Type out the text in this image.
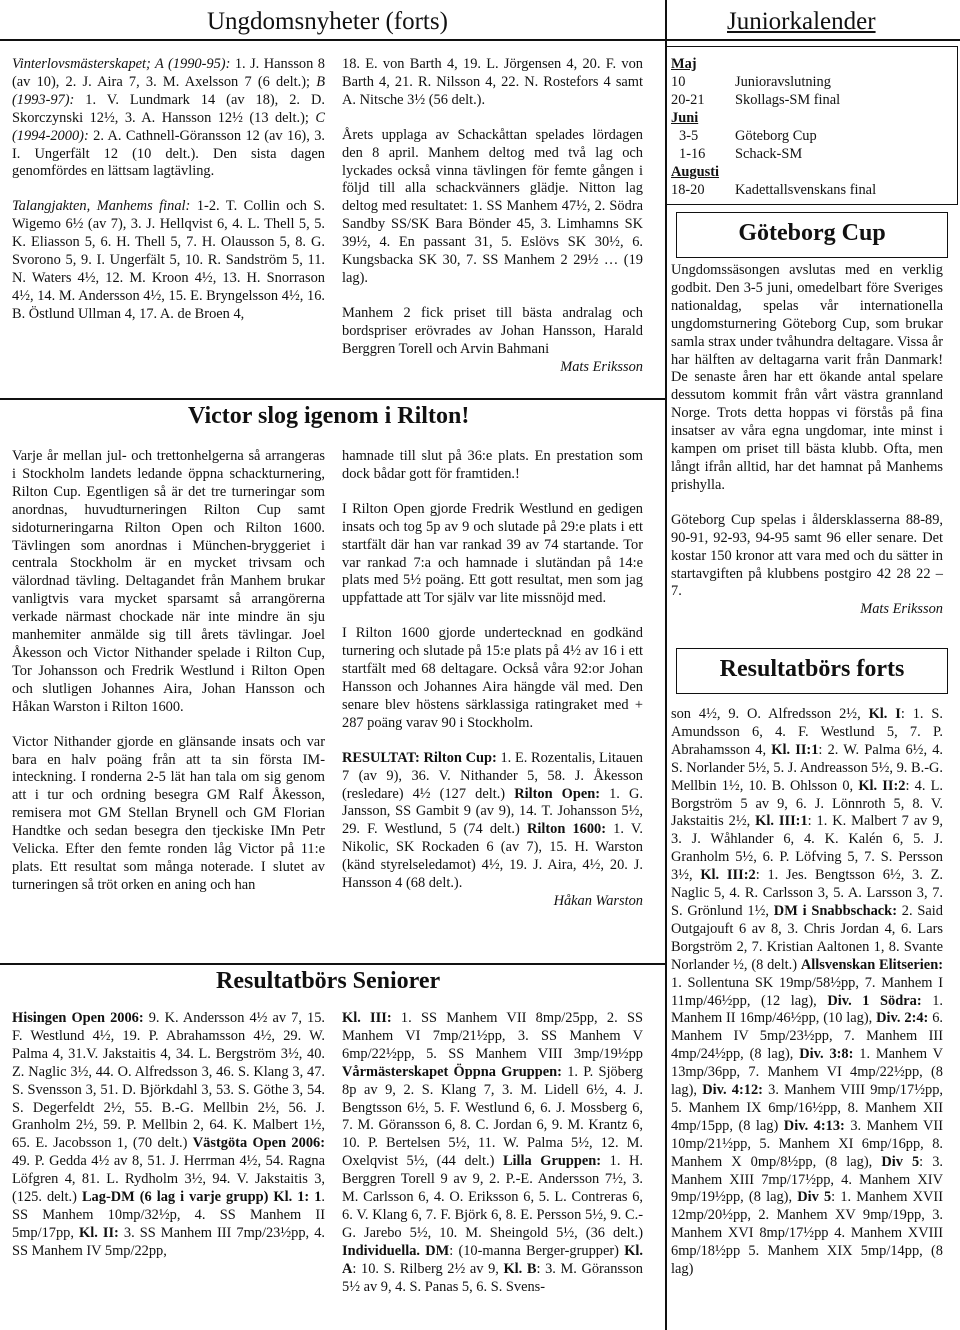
Ungdomsnyheter (forts)	Juniorkalender

Vinterlovsmästerskapet; A (1990-95): 1. J. Hansson 8 (av 10), 2. J. Aira 7, 3. M. Axelsson 7 (6 delt.); B (1993-97): 1. V. Lundmark 14 (av 18), 2. D. Skorczynski 12½, 3. A. Hansson 12½ (13 delt.); C (1994-2000): 2. A. Cathnell-Göransson 12 (av 16), 3. I. Ungerfält 12 (10 delt.). Den sista dagen genomfördes en lättsam lagtävling.

Talangjakten, Manhems final: 1-2. T. Collin och S. Wigemo 6½ (av 7), 3. J. Hellqvist 6, 4. L. Thell 5, 5. K. Eliasson 5, 6. H. Thell 5, 7. H. Olausson 5, 8. G. Svorono 5, 9. I. Ungerfält 5, 10. R. Sandström 5, 11. N. Waters 4½, 12. M. Kroon 4½, 13. H. Snorrason 4½, 14. M. Andersson 4½, 15. E. Bryngelsson 4½, 16. B. Östlund Ullman 4, 17. A. de Broen 4,

18. E. von Barth 4, 19. L. Jörgensen 4, 20. F. von Barth 4, 21. R. Nilsson 4, 22. N. Rostefors 4 samt A. Nitsche 3½ (56 delt.).

Årets upplaga av Schackåttan spelades lördagen den 8 april. Manhem deltog med två lag och lyckades också vinna tävlingen för femte gången i följd till alla schackvänners glädje. Nitton lag deltog med resultatet: 1. SS Manhem 47½, 2. Södra Sandby SS/SK Bara Bönder 45, 3. Limhamns SK 39½, 4. En passant 31, 5. Eslövs SK 30½, 6. Kungsbacka SK 30, 7. SS Manhem 2 29½ … (19 lag).

Manhem 2 fick priset till bästa andralag och bordspriser erövrades av Johan Hansson, Harald Berggren Torell och Arvin Bahmani

Mats Eriksson
Maj
10	Junioravslutning
20-21	Skollags-SM final
Juni
3-5	Göteborg Cup
1-16	Schack-SM
Augusti
18-20	Kadettallsvenskans final
Göteborg Cup

Ungdomssäsongen avslutas med en verklig godbit. Den 3-5 juni, omedelbart före Sveriges nationaldag, spelas vår internationella ungdomsturnering Göteborg Cup, som brukar samla strax under tvåhundra deltagare. Vissa år har hälften av deltagarna varit från Danmark! De senaste åren har ett ökande antal spelare dessutom kommit från vårt västra grannland Norge. Trots detta hoppas vi förstås på fina insatser av våra egna ungdomar, inte minst i kampen om priset till bästa klubb. Ofta, men långt ifrån alltid, har det hamnat på Manhems prishylla.

Göteborg Cup spelas i åldersklasserna 88-89, 90-91, 92-93, 94-95 samt 96 eller senare. Det kostar 150 kronor att vara med och du sätter in startavgiften på klubbens postgiro 42 28 22 – 7.

Mats Eriksson
Victor slog igenom i Rilton!
Resultatbörs forts

Varje år mellan jul- och trettonhelgerna så arrangeras i Stockholm landets ledande öppna schackturnering, Rilton Cup. Egentligen så är det tre turneringar som anordnas, huvudturneringen Rilton Cup samt sidoturneringarna Rilton Open och Rilton 1600. Tävlingen som anordnas i München-bryggeriet i centrala Stockholm är en mycket trivsam och välordnad tävling. Deltagandet från Manhem brukar vanligtvis vara mycket sparsamt så arrangörerna verkade närmast chockade när inte mindre än sju manhemiter anmälde sig till årets tävlingar. Joel Åkesson och Victor Nithander spelade i Rilton Cup, Tor Johansson och Fredrik Westlund i Rilton Open och slutligen Johannes Aira, Johan Hansson och Håkan Warston i Rilton 1600.

Victor Nithander gjorde en glänsande insats och var bara en halv poäng från att ta sin första IM-inteckning. I ronderna 2-5 lät han tala om sig genom att i tur och ordning besegra GM Ralf Åkesson, remisera mot GM Stellan Brynell och GM Florian Handtke och sedan besegra den tjeckiske IMn Petr Velicka. Efter den femte ronden låg Victor på 11:e plats. Ett resultat som många noterade. I slutet av turneringen så tröt orken en aning och han

hamnade till slut på 36:e plats. En prestation som dock bådar gott för framtiden.!

I Rilton Open gjorde Fredrik Westlund en gedigen insats och tog 5p av 9 och slutade på 29:e plats i ett startfält där han var rankad 39 av 74 startande. Tor var rankad 7:a och hamnade i slutändan på 14:e plats med 5½ poäng. Ett gott resultat, men som jag uppfattade att Tor själv var lite missnöjd med.

I Rilton 1600 gjorde undertecknad en godkänd turnering och slutade på 15:e plats på 4½ av 16 i ett startfält med 68 deltagare. Också våra 92:or Johan Hansson och Johannes Aira hängde väl med. Den senare blev höstens särklassiga ratingraket med + 287 poäng varav 90 i Stockholm.

RESULTAT: Rilton Cup: 1. E. Rozentalis, Litauen 7 (av 9), 36. V. Nithander 5, 58. J. Åkesson (resledare) 4½ (127 delt.) Rilton Open: 1. G. Jansson, SS Gambit 9 (av 9), 14. T. Johansson 5½, 29. F. Westlund, 5 (74 delt.) Rilton 1600: 1. V. Nikolic, SK Rockaden 6 (av 7), 15. H. Warston (känd styrelseledamot) 4½, 19. J. Aira, 4½, 20. J. Hansson 4 (68 delt.).

Håkan Warston
Resultatbörs Seniorer
Hisingen Open 2006: 9. K. Andersson 4½ av 7, 15. F. Westlund 4½, 19. P. Abrahamsson 4½, 29. W. Palma 4, 31.V. Jakstaitis 4, 34. L. Bergström 3½, 40. Z. Naglic 3½, 44. O. Alfredsson 3, 46. S. Klang 3, 47. S. Svensson 3, 51. D. Björkdahl 3, 53. S. Göthe 3, 54. S. Degerfeldt 2½, 55. B.-G. Mellbin 2½, 56. J. Granholm 2½, 59. P. Mellbin 2, 64. K. Malbert 1½, 65. E. Jacobsson 1, (70 delt.) Västgöta Open 2006: 49. P. Gedda 4½ av 8, 51. J. Herrman 4½, 54. Ragna Löfgren 4, 81. L. Rydholm 3½, 94. V. Jakstaitis 3, (125. delt.) Lag-DM (6 lag i varje grupp) Kl. 1: 1. SS Manhem 10mp/32½p, 4. SS Manhem II 5mp/17pp, Kl. II: 3. SS Manhem III 7mp/23½pp, 4. SS Manhem IV 5mp/22pp,
Kl. III: 1. SS Manhem VII 8mp/25pp, 2. SS Manhem VI 7mp/21½pp, 3. SS Manhem V 6mp/22½pp, 5. SS Manhem VIII 3mp/19½pp Vårmästerskapet Öppna Gruppen: 1. P. Sjöberg 8p av 9, 2. S. Klang 7, 3. M. Lidell 6½, 4. J. Bengtsson 6½, 5. F. Westlund 6, 6. J. Mossberg 6, 7. M. Göransson 6, 8. C. Jordan 6, 9. M. Krantz 6, 10. P. Bertelsen 5½, 11. W. Palma 5½, 12. M. Oxelqvist 5½, (44 delt.) Lilla Gruppen: 1. H. Berggren Torell 9 av 9, 2. P.-E. Andersson 7½, 3. M. Carlsson 6, 4. O. Eriksson 6, 5. L. Contreras 6, 6. V. Klang 6, 7. F. Björk 6, 8. E. Persson 5½, 9. C.-G. Jarebo 5½, 10. M. Sheingold 5½, (36 delt.) Individuella. DM: (10-manna Berger-grupper) Kl. A: 10. S. Rilberg 2½ av 9, Kl. B: 3. M. Göransson 5½ av 9, 4. S. Panas 5, 6. S. Svens-
son 4½, 9. O. Alfredsson 2½, Kl. I: 1. S. Amundsson 6, 4. F. Westlund 5, 7. P. Abrahamsson 4, Kl. II:1: 2. W. Palma 6½, 4. S. Norlander 5½, 5. J. Andreasson 5½, 9. B.-G. Mellbin 1½, 10. B. Ohlsson 0, Kl. II:2: 4. L. Borgström 5 av 9, 6. J. Lönnroth 5, 8. V. Jakstaitis 2½, Kl. III:1: 1. K. Malbert 7 av 9, 3. J. Wåhlander 6, 4. K. Kalén 6, 5. J. Granholm 5½, 6. P. Löfving 5, 7. S. Persson 3½, Kl. III:2: 1. Jes. Bengtsson 6½, 3. Z. Naglic 5, 4. R. Carlsson 3, 5. A. Larsson 3, 7. S. Grönlund 1½, DM i Snabbschack: 2. Said Outgajouft 6 av 8, 3. Chris Jordan 4, 6. Lars Borgström 2, 7. Kristian Aaltonen 1, 8. Svante Norlander ½, (8 delt.) Allsvenskan Elitserien: 1. Sollentuna SK 19mp/58½pp, 7. Manhem I 11mp/46½pp, (12 lag), Div. 1 Södra: 1. Manhem II 16mp/46½pp, (10 lag), Div. 2:4: 6. Manhem IV 5mp/23½pp, 7. Manhem III 4mp/24½pp, (8 lag), Div. 3:8: 1. Manhem V 13mp/36pp, 7. Manhem VI 4mp/22½pp, (8 lag), Div. 4:12: 3. Manhem VIII 9mp/17½pp, 5. Manhem IX 6mp/16½pp, 8. Manhem XII 4mp/15pp, (8 lag) Div. 4:13: 3. Manhem VII 10mp/21½pp, 5. Manhem XI 6mp/16pp, 8. Manhem X 0mp/8½pp, (8 lag), Div 5: 3. Manhem XIII 7mp/17½pp, 4. Manhem XIV 9mp/19½pp, (8 lag), Div 5: 1. Manhem XVII 12mp/20½pp, 2. Manhem XV 9mp/19pp, 3. Manhem XVI 8mp/17½pp 4. Manhem XVIII 6mp/18½pp 5. Manhem XIX 5mp/14pp, (8 lag)
